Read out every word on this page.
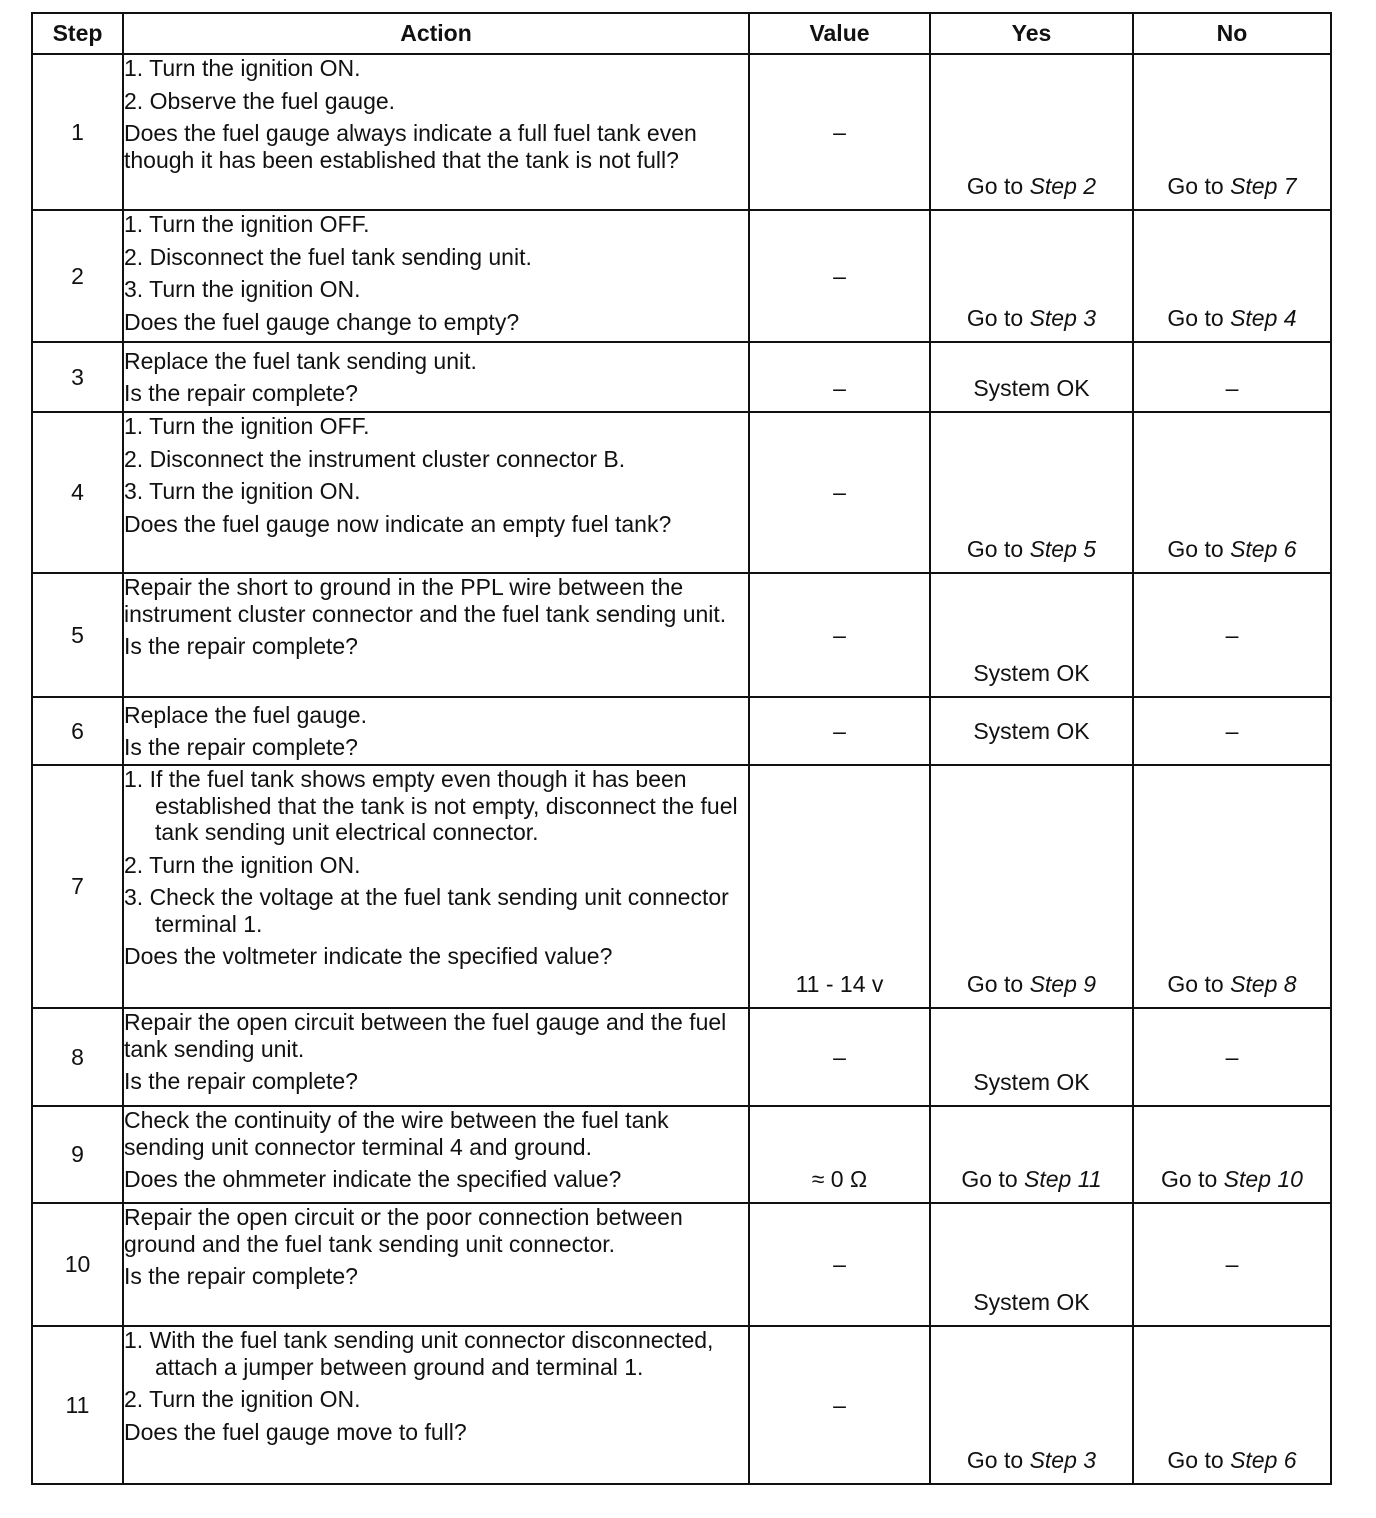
Step	Action	Value	Yes	No
1	1. Turn the ignition ON.
2. Observe the fuel gauge.
Does the fuel gauge always indicate a full fuel tank even though it has been established that the tank is not full?	–	Go to Step 2	Go to Step 7
2	1. Turn the ignition OFF.
2. Disconnect the fuel tank sending unit.
3. Turn the ignition ON.
Does the fuel gauge change to empty?	–	Go to Step 3	Go to Step 4
3	Replace the fuel tank sending unit.
Is the repair complete?	–	System OK	–
4	1. Turn the ignition OFF.
2. Disconnect the instrument cluster connector B.
3. Turn the ignition ON.
Does the fuel gauge now indicate an empty fuel tank?	–	Go to Step 5	Go to Step 6
5	Repair the short to ground in the PPL wire between the instrument cluster connector and the fuel tank sending unit.
Is the repair complete?	–	System OK	–
6	Replace the fuel gauge.
Is the repair complete?	–	System OK	–
7	1. If the fuel tank shows empty even though it has been established that the tank is not empty, disconnect the fuel tank sending unit electrical connector.
2. Turn the ignition ON.
3. Check the voltage at the fuel tank sending unit connector terminal 1.
Does the voltmeter indicate the specified value?	11 - 14 v	Go to Step 9	Go to Step 8
8	Repair the open circuit between the fuel gauge and the fuel tank sending unit.
Is the repair complete?	–	System OK	–
9	Check the continuity of the wire between the fuel tank sending unit connector terminal 4 and ground.
Does the ohmmeter indicate the specified value?	≈ 0 Ω	Go to Step 11	Go to Step 10
10	Repair the open circuit or the poor connection between ground and the fuel tank sending unit connector.
Is the repair complete?	–	System OK	–
11	1. With the fuel tank sending unit connector disconnected, attach a jumper between ground and terminal 1.
2. Turn the ignition ON.
Does the fuel gauge move to full?	–	Go to Step 3	Go to Step 6
